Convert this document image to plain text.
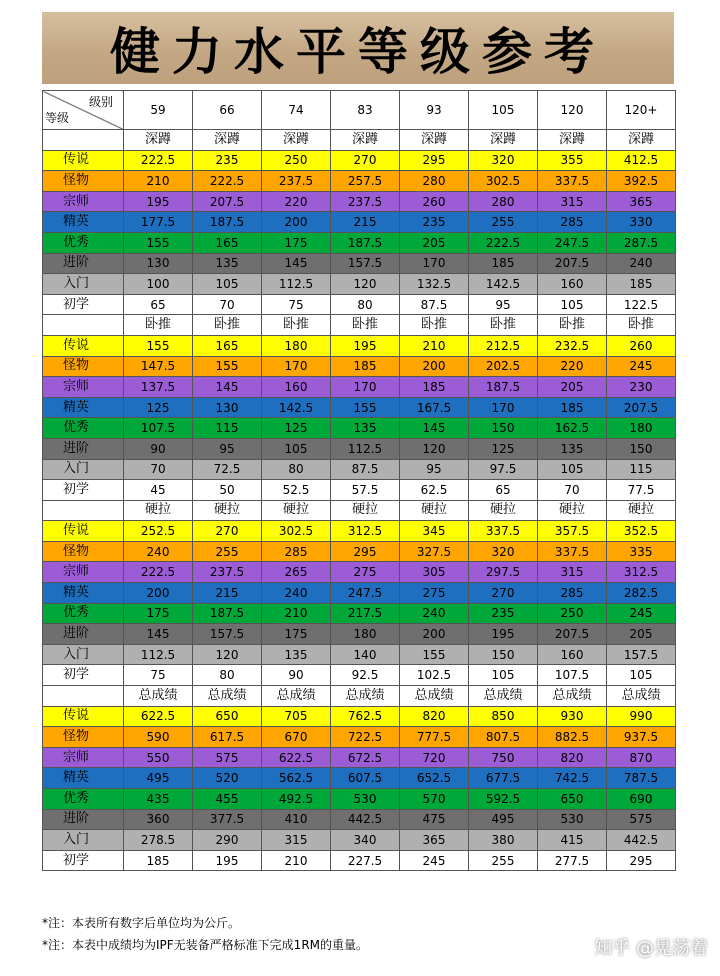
健力水平等级参考
级别
等级	59	66	74	83	93	105	120	120+
	深蹲	深蹲	深蹲	深蹲	深蹲	深蹲	深蹲	深蹲
传说	222.5	235	250	270	295	320	355	412.5
怪物	210	222.5	237.5	257.5	280	302.5	337.5	392.5
宗师	195	207.5	220	237.5	260	280	315	365
精英	177.5	187.5	200	215	235	255	285	330
优秀	155	165	175	187.5	205	222.5	247.5	287.5
进阶	130	135	145	157.5	170	185	207.5	240
入门	100	105	112.5	120	132.5	142.5	160	185
初学	65	70	75	80	87.5	95	105	122.5
	卧推	卧推	卧推	卧推	卧推	卧推	卧推	卧推
传说	155	165	180	195	210	212.5	232.5	260
怪物	147.5	155	170	185	200	202.5	220	245
宗师	137.5	145	160	170	185	187.5	205	230
精英	125	130	142.5	155	167.5	170	185	207.5
优秀	107.5	115	125	135	145	150	162.5	180
进阶	90	95	105	112.5	120	125	135	150
入门	70	72.5	80	87.5	95	97.5	105	115
初学	45	50	52.5	57.5	62.5	65	70	77.5
	硬拉	硬拉	硬拉	硬拉	硬拉	硬拉	硬拉	硬拉
传说	252.5	270	302.5	312.5	345	337.5	357.5	352.5
怪物	240	255	285	295	327.5	320	337.5	335
宗师	222.5	237.5	265	275	305	297.5	315	312.5
精英	200	215	240	247.5	275	270	285	282.5
优秀	175	187.5	210	217.5	240	235	250	245
进阶	145	157.5	175	180	200	195	207.5	205
入门	112.5	120	135	140	155	150	160	157.5
初学	75	80	90	92.5	102.5	105	107.5	105
	总成绩	总成绩	总成绩	总成绩	总成绩	总成绩	总成绩	总成绩
传说	622.5	650	705	762.5	820	850	930	990
怪物	590	617.5	670	722.5	777.5	807.5	882.5	937.5
宗师	550	575	622.5	672.5	720	750	820	870
精英	495	520	562.5	607.5	652.5	677.5	742.5	787.5
优秀	435	455	492.5	530	570	592.5	650	690
进阶	360	377.5	410	442.5	475	495	530	575
入门	278.5	290	315	340	365	380	415	442.5
初学	185	195	210	227.5	245	255	277.5	295
*注：本表所有数字后单位均为公斤。
*注：本表中成绩均为IPF无装备严格标准下完成1RM的重量。	知乎 @晃荡着
